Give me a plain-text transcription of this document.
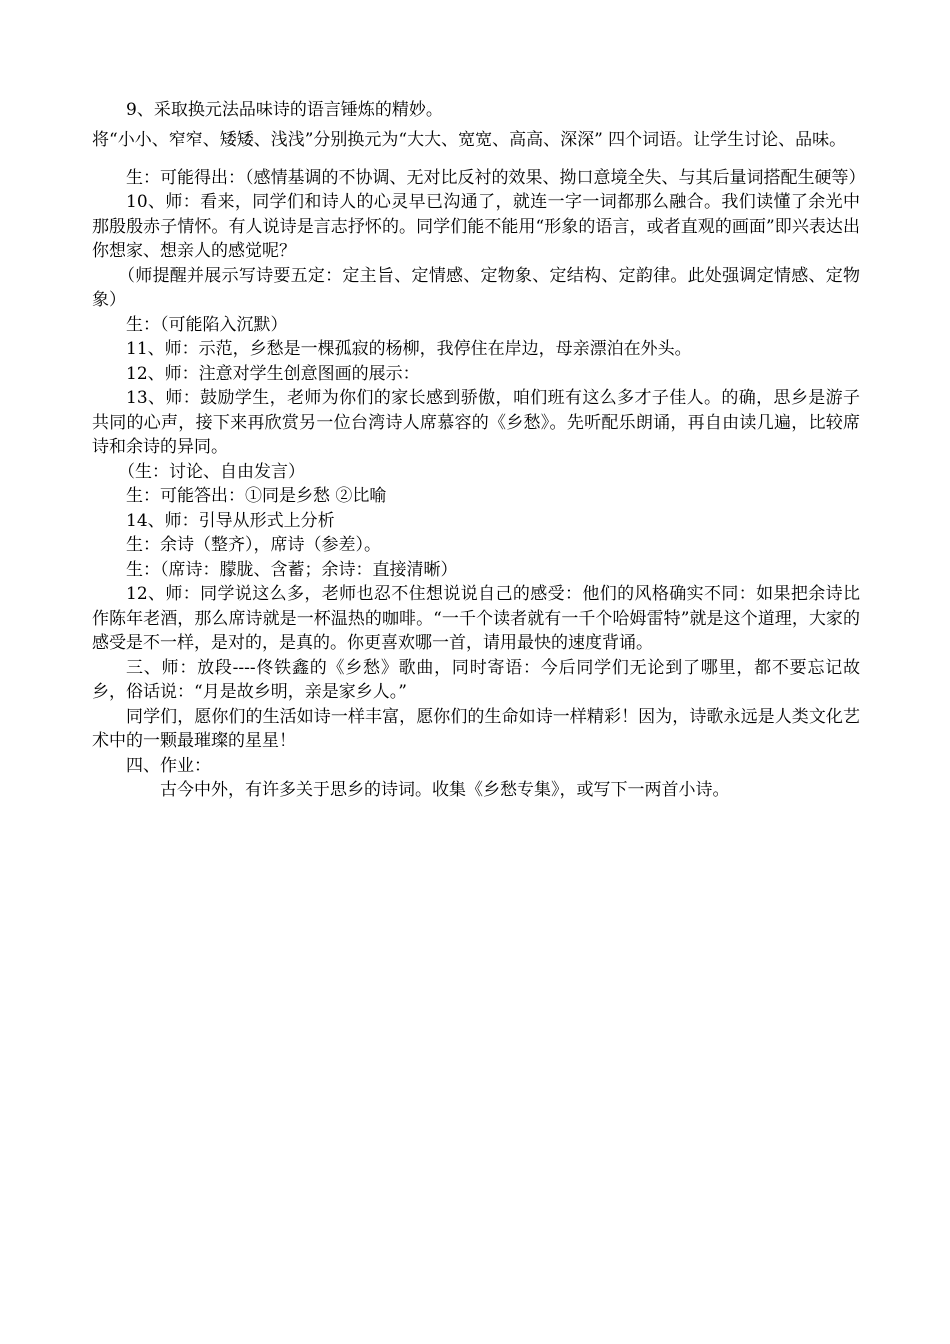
9、采取换元法品味诗的语言锤炼的精妙。

将“小小、窄窄、矮矮、浅浅”分别换元为“大大、宽宽、高高、深深” 四个词语。让学生讨论、品味。

生：可能得出：（感情基调的不协调、无对比反衬的效果、拗口意境全失、与其后量词搭配生硬等）

10、师：看来，同学们和诗人的心灵早已沟通了，就连一字一词都那么融合。我们读懂了余光中那殷殷赤子情怀。有人说诗是言志抒怀的。同学们能不能用“形象的语言，或者直观的画面”即兴表达出你想家、想亲人的感觉呢？

（师提醒并展示写诗要五定：定主旨、定情感、定物象、定结构、定韵律。此处强调定情感、定物象）

生：（可能陷入沉默）

11、师：示范，乡愁是一棵孤寂的杨柳，我停住在岸边，母亲漂泊在外头。

12、师：注意对学生创意图画的展示：

13、师：鼓励学生，老师为你们的家长感到骄傲，咱们班有这么多才子佳人。的确，思乡是游子共同的心声，接下来再欣赏另一位台湾诗人席慕容的《乡愁》。先听配乐朗诵，再自由读几遍，比较席诗和余诗的异同。

（生：讨论、自由发言）

生：可能答出：①同是乡愁 ②比喻

14、师：引导从形式上分析

生：余诗（整齐），席诗（参差）。

生：（席诗：朦胧、含蓄；余诗：直接清晰）

12、师：同学说这么多，老师也忍不住想说说自己的感受：他们的风格确实不同：如果把余诗比作陈年老酒，那么席诗就是一杯温热的咖啡。“一千个读者就有一千个哈姆雷特”就是这个道理，大家的感受是不一样，是对的，是真的。你更喜欢哪一首，请用最快的速度背诵。

三、师：放段----佟铁鑫的《乡愁》歌曲，同时寄语：今后同学们无论到了哪里，都不要忘记故乡，俗话说：“月是故乡明，亲是家乡人。”

同学们，愿你们的生活如诗一样丰富，愿你们的生命如诗一样精彩！因为，诗歌永远是人类文化艺术中的一颗最璀璨的星星！

四、作业：

古今中外，有许多关于思乡的诗词。收集《乡愁专集》，或写下一两首小诗。
